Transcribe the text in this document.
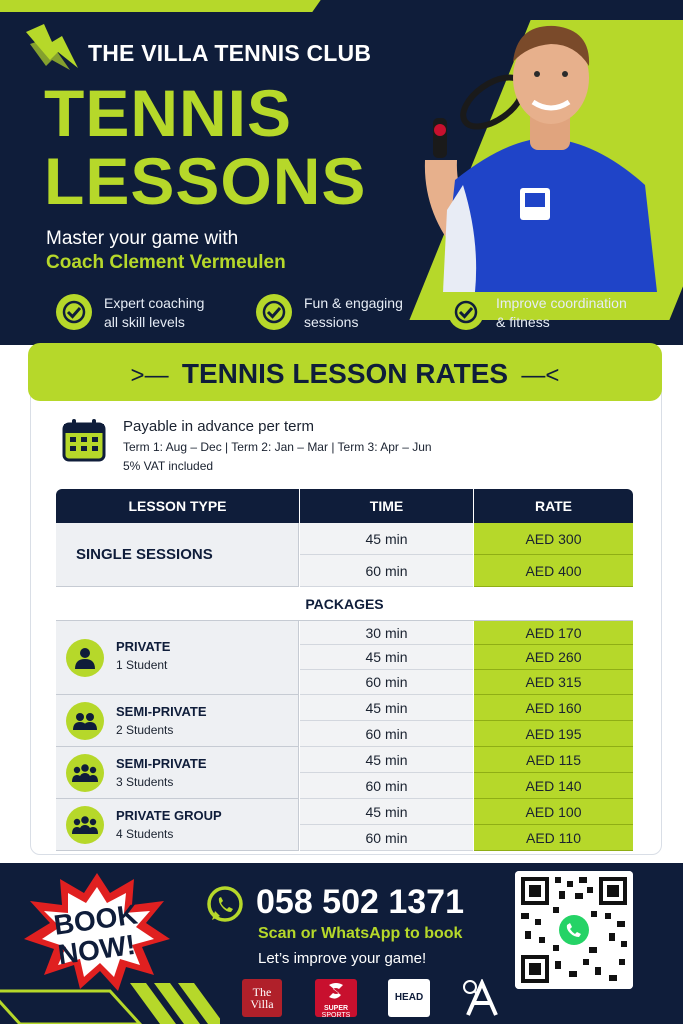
THE VILLA TENNIS CLUB
TENNIS
LESSONS
Master your game with
Coach Clement Vermeulen
Expert coaching
all skill levels
Fun & engaging
sessions
Improve coordination
& fitness
>—  TENNIS LESSON RATES  —<
Payable in advance per term
Term 1: Aug – Dec | Term 2: Jan – Mar | Term 3: Apr – Jun
5% VAT included
LESSON TYPE	TIME	RATE
SINGLE SESSIONS
45 min	AED 300
60 min	AED 400
PACKAGES
PRIVATE
1 Student
30 min	AED 170
45 min	AED 260
60 min	AED 315
SEMI-PRIVATE
2 Students
45 min	AED 160
60 min	AED 195
SEMI-PRIVATE
3 Students
45 min	AED 115
60 min	AED 140
PRIVATE GROUP
4 Students
45 min	AED 100
60 min	AED 110
BOOK
NOW!
058 502 1371
Scan or WhatsApp to book
Let’s improve your game!
The
Villa	SUPER
SPORTS
HEAD
